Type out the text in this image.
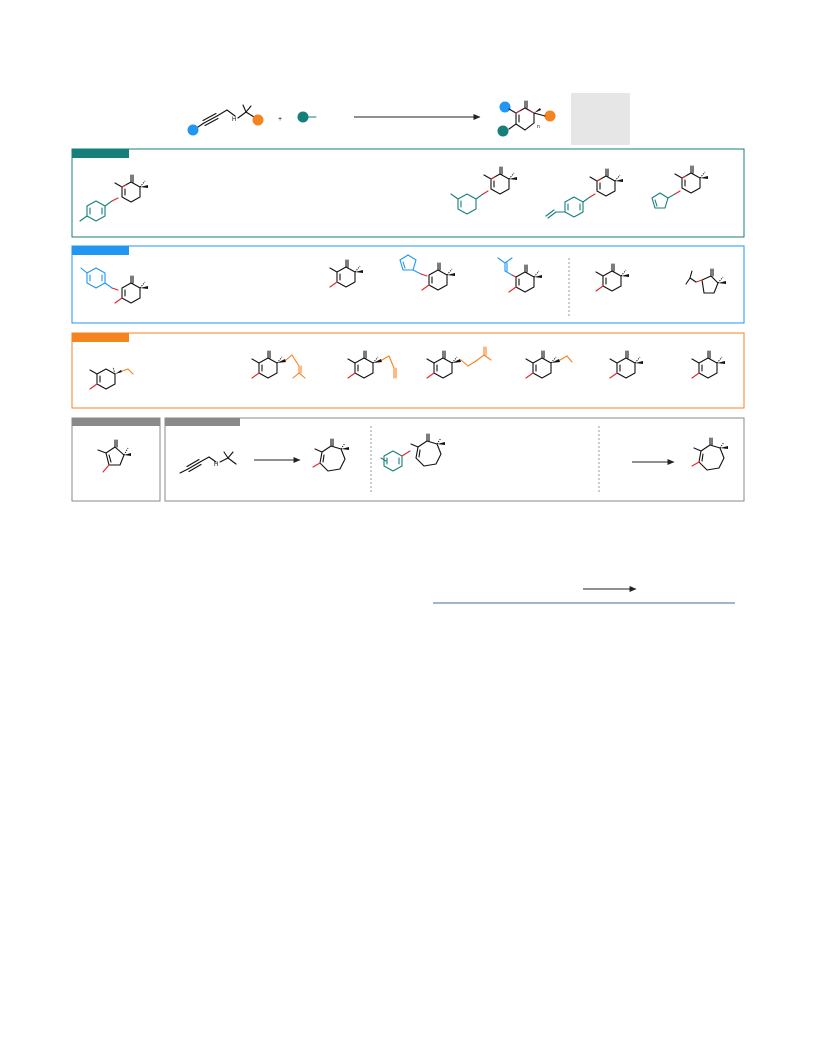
H	+
n
H
